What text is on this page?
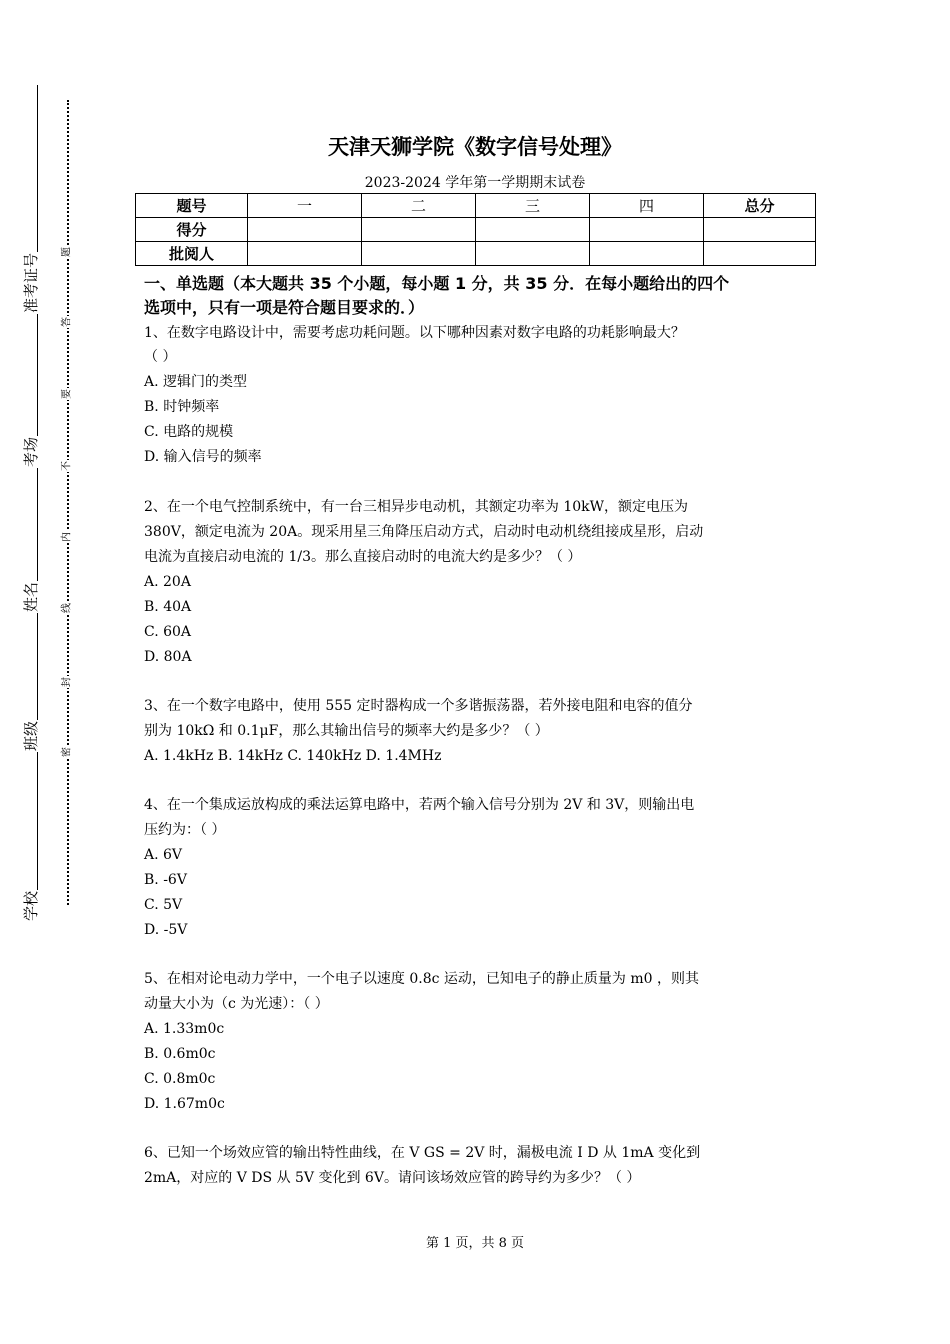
准考证号
考场
姓名
班级
学校
题
答
要
不
内
线
封
密
天津天狮学院《数字信号处理》
2023-2024 学年第一学期期末试卷
题号	一	二	三	四	总分
得分					
批阅人					
一、单选题（本大题共 35 个小题，每小题 1 分，共 35 分．在每小题给出的四个
选项中，只有一项是符合题目要求的．）
1、在数字电路设计中，需要考虑功耗问题。以下哪种因素对数字电路的功耗影响最大？
（ ）
A. 逻辑门的类型
B. 时钟频率
C. 电路的规模
D. 输入信号的频率
2、在一个电气控制系统中，有一台三相异步电动机，其额定功率为 10kW，额定电压为
380V，额定电流为 20A。现采用星三角降压启动方式，启动时电动机绕组接成星形，启动
电流为直接启动电流的 1/3。那么直接启动时的电流大约是多少？（ ）
A. 20A
B. 40A
C. 60A
D. 80A
3、在一个数字电路中，使用 555 定时器构成一个多谐振荡器，若外接电阻和电容的值分
别为 10kΩ 和 0.1μF，那么其输出信号的频率大约是多少？（ ）
A. 1.4kHz B. 14kHz C. 140kHz D. 1.4MHz
4、在一个集成运放构成的乘法运算电路中，若两个输入信号分别为 2V 和 3V，则输出电
压约为：（ ）
A. 6V
B. -6V
C. 5V
D. -5V
5、在相对论电动力学中，一个电子以速度 0.8c 运动，已知电子的静止质量为 m0 ，则其
动量大小为（c 为光速）：（ ）
A. 1.33m0c
B. 0.6m0c
C. 0.8m0c
D. 1.67m0c
6、已知一个场效应管的输出特性曲线，在 V GS = 2V 时，漏极电流 I D 从 1mA 变化到
2mA，对应的 V DS 从 5V 变化到 6V。请问该场效应管的跨导约为多少？（ ）
第 1 页，共 8 页
